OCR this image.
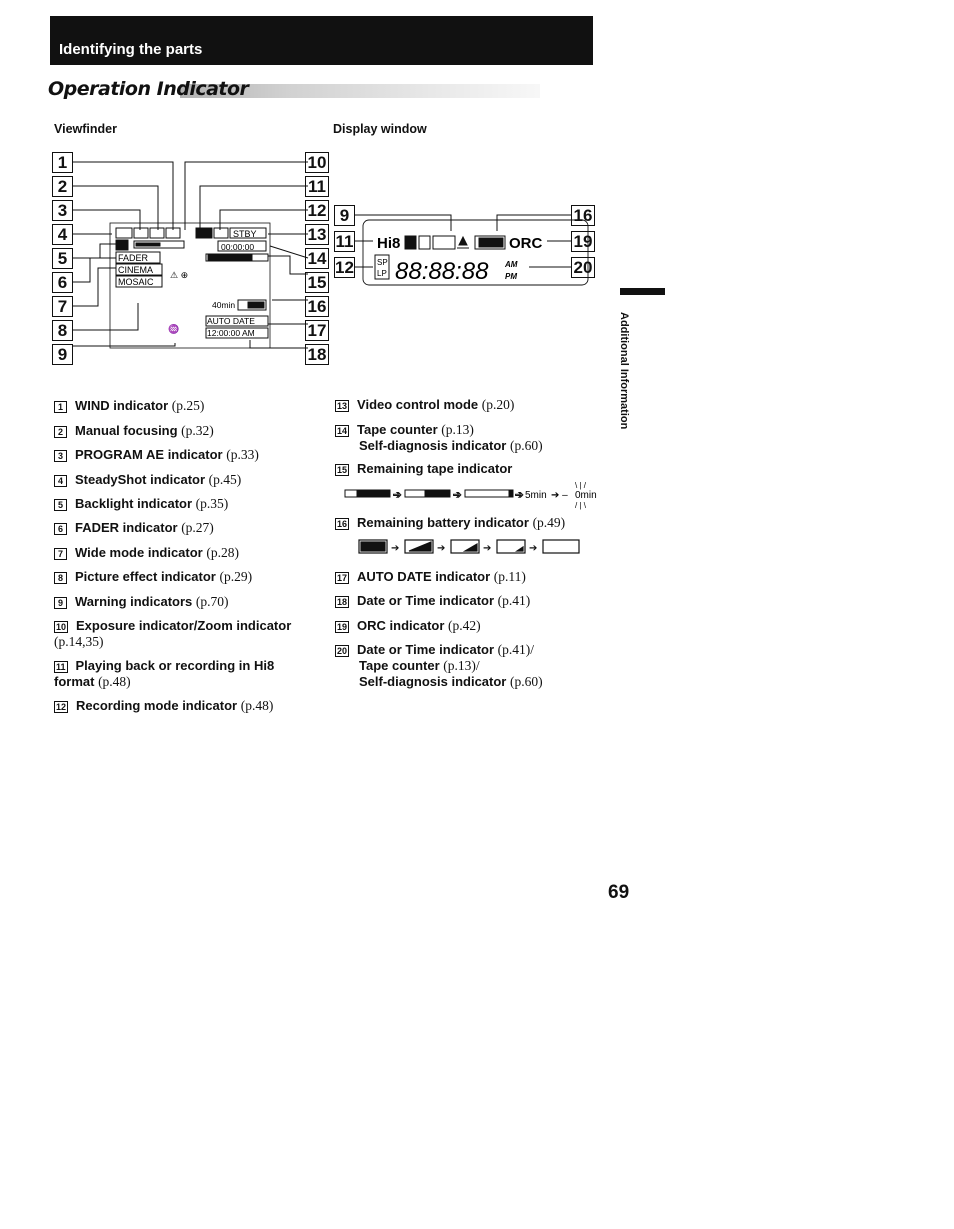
Identifying the parts
Operation Indicator
Viewfinder	Display window
STBY
00:00:00
FADER
CINEMA
MOSAIC
40min
AUTO DATE
12:00:00 AM
⚠ ⊕
♒
1
2
3
4
5
6
7
8
9
10
11
12
13
14
15
16
17
18
Hi8	ORC
SP
LP 88:88:88 AM
PM
9
11
12
16
19
20
1 WIND indicator (p.25)
2 Manual focusing (p.32)
3 PROGRAM AE indicator (p.33)
4 SteadyShot indicator (p.45)
5 Backlight indicator (p.35)
6 FADER indicator (p.27)
7 Wide mode indicator (p.28)
8 Picture effect indicator (p.29)
9 Warning indicators (p.70)
10 Exposure indicator/Zoom indicator (p.14,35)
11 Playing back or recording in Hi8 format (p.48)
12 Recording mode indicator (p.48)
13 Video control mode (p.20)
14 Tape counter (p.13)
Self-diagnosis indicator (p.60)
15 Remaining tape indicator
16 Remaining battery indicator (p.49)
17 AUTO DATE indicator (p.11)
18 Date or Time indicator (p.41)
19 ORC indicator (p.42)
20 Date or Time indicator (p.41)/
Tape counter (p.13)/
Self-diagnosis indicator (p.60)
➔	➔	➔ 5min ➔ – 0min
\ | /
/ | \
➔	➔	➔	➔
Additional Information
69
